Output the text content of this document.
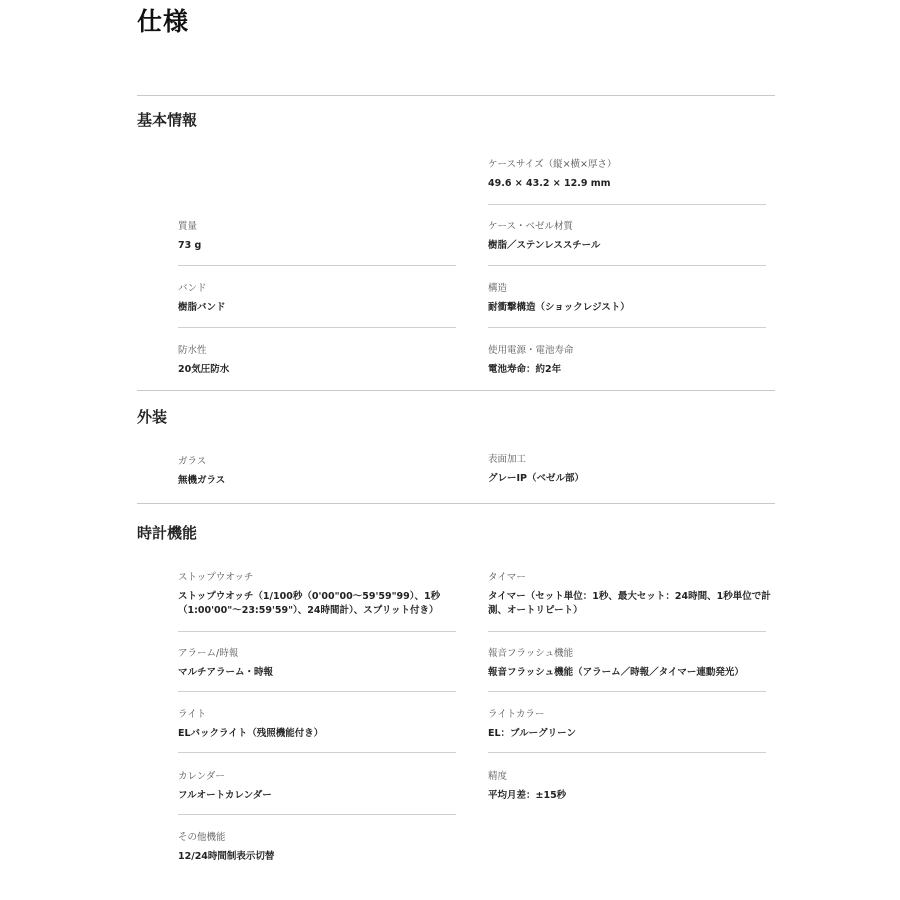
仕様
基本情報
ケースサイズ（縦×横×厚さ）
49.6 × 43.2 × 12.9 mm
質量
73 g
ケース・ベゼル材質
樹脂／ステンレススチール
バンド
樹脂バンド
構造
耐衝撃構造（ショックレジスト）
防水性
20気圧防水
使用電源・電池寿命
電池寿命：約2年
外装
ガラス
無機ガラス
表面加工
グレーIP（ベゼル部）
時計機能
ストップウオッチ
ストップウオッチ（1/100秒（0'00"00～59'59"99）、1秒（1:00'00"～23:59'59"）、24時間計）、スプリット付き）
タイマー
タイマー（セット単位：1秒、最大セット：24時間、1秒単位で計測、オートリピート）
アラーム/時報
マルチアラーム・時報
報音フラッシュ機能
報音フラッシュ機能（アラーム／時報／タイマー連動発光）
ライト
ELバックライト（残照機能付き）
ライトカラー
EL：ブルーグリーン
カレンダー
フルオートカレンダー
精度
平均月差：±15秒
その他機能
12/24時間制表示切替
